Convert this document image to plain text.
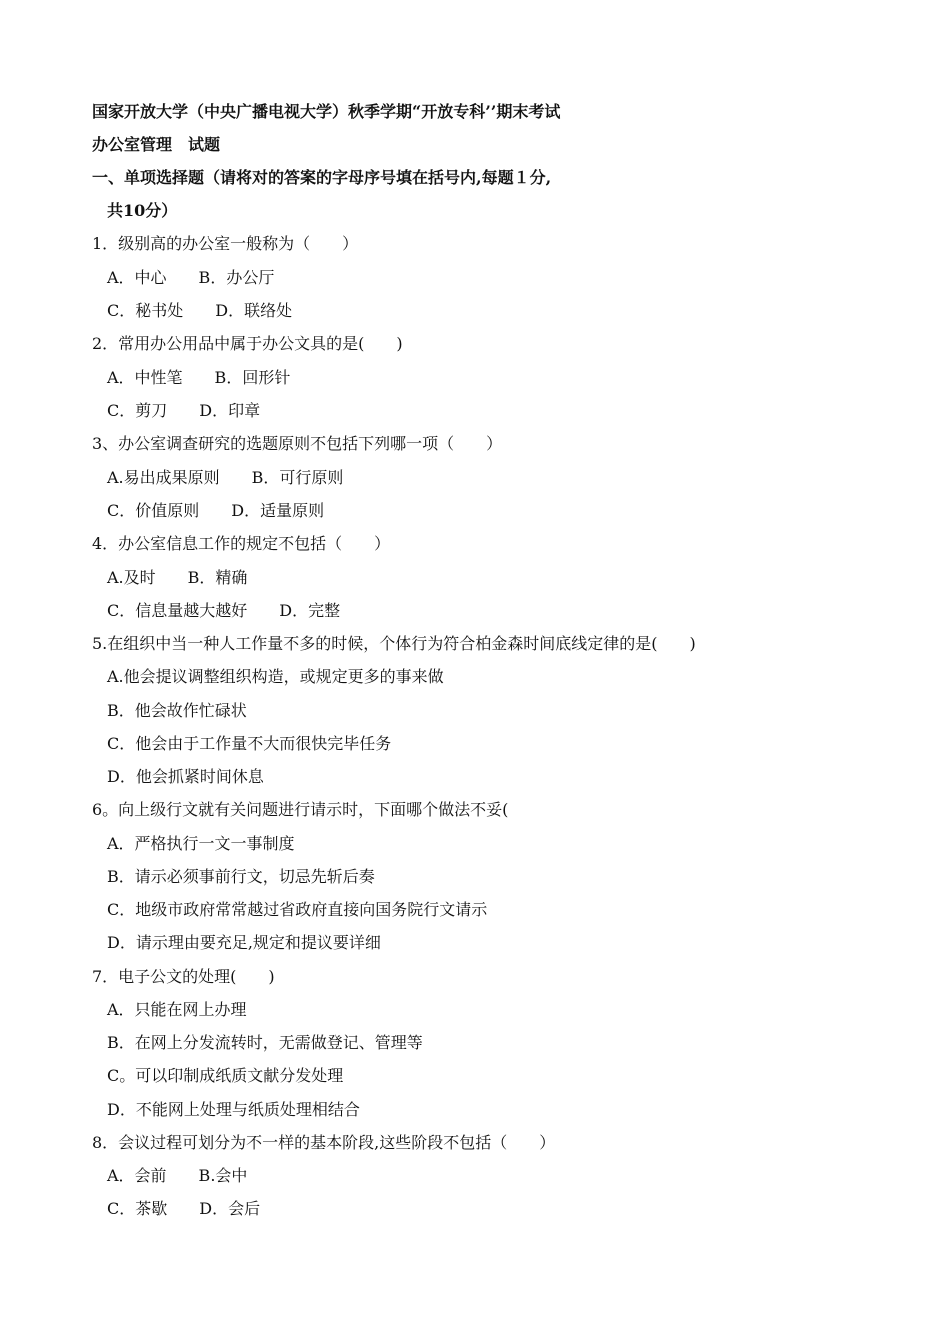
国家开放大学（中央广播电视大学）秋季学期“开放专科’’期末考试
办公室管理　试题
一、单项选择题（请将对的答案的字母序号填在括号内,每题１分,
共10分）
1．级别高的办公室一般称为（　　）
A．中心　　B．办公厅
C．秘书处　　D．联络处
2．常用办公用品中属于办公文具的是(　　)
A．中性笔　　B．回形针
C．剪刀　　D．印章
3、办公室调查研究的选题原则不包括下列哪一项（　　）
A.易出成果原则　　B．可行原则
C．价值原则　　D．适量原则
4．办公室信息工作的规定不包括（　　）
A.及时　　B．精确
C．信息量越大越好　　D．完整
5.在组织中当一种人工作量不多的时候，个体行为符合柏金森时间底线定律的是(　　)
A.他会提议调整组织构造，或规定更多的事来做
B．他会故作忙碌状
C．他会由于工作量不大而很快完毕任务
D．他会抓紧时间休息
6。向上级行文就有关问题进行请示时，下面哪个做法不妥(
A．严格执行一文一事制度
B．请示必须事前行文，切忌先斩后奏
C．地级市政府常常越过省政府直接向国务院行文请示
D．请示理由要充足,规定和提议要详细
7．电子公文的处理(　　)
A．只能在网上办理
B．在网上分发流转时，无需做登记、管理等
C。可以印制成纸质文献分发处理
D．不能网上处理与纸质处理相结合
8．会议过程可划分为不一样的基本阶段,这些阶段不包括（　　）
A．会前　　B.会中
C．茶歇　　D．会后
